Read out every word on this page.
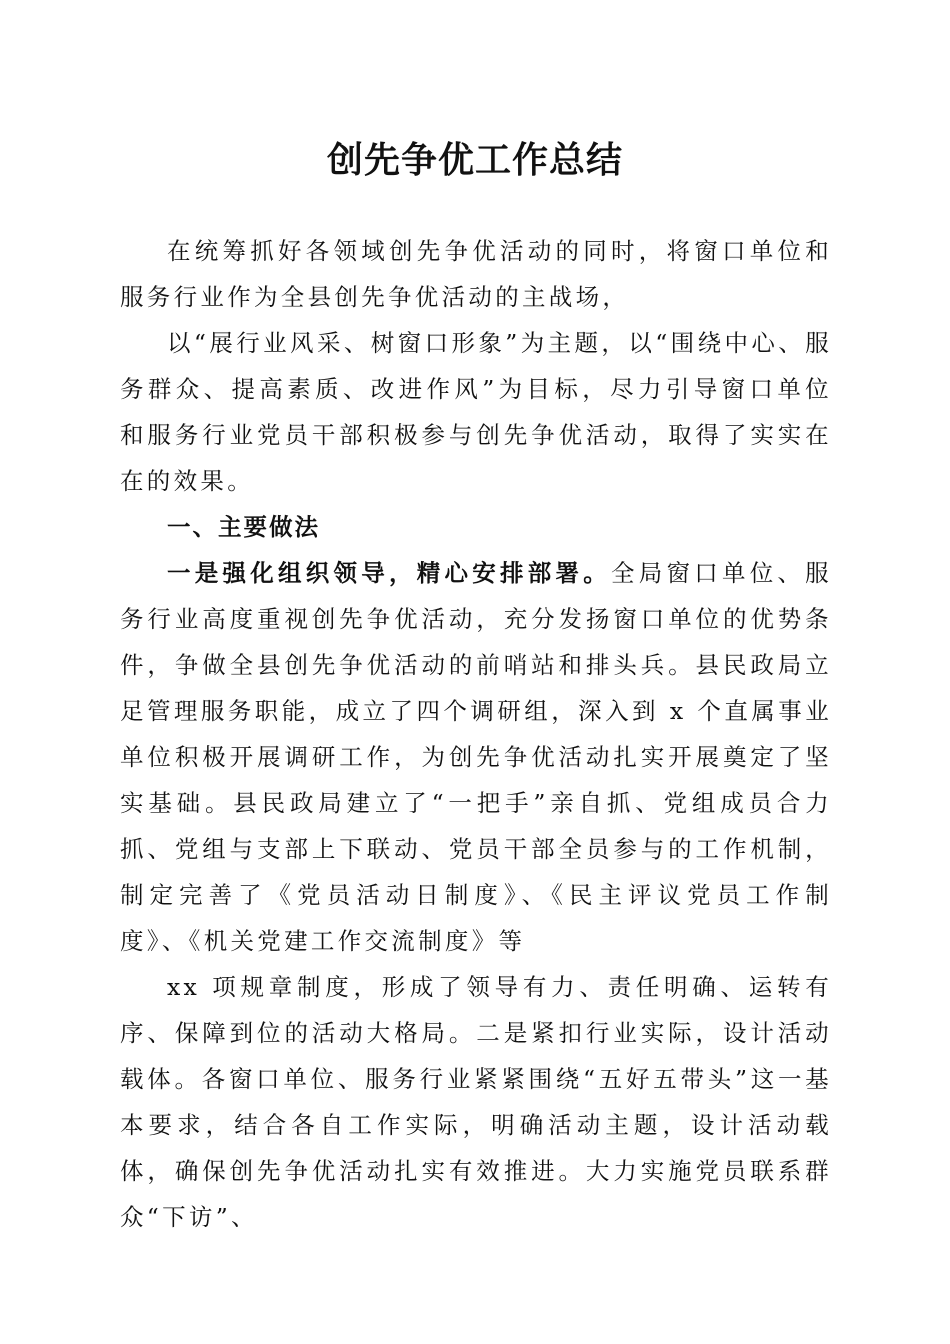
创先争优工作总结

在统筹抓好各领域创先争优活动的同时，将窗口单位和服务行业作为全县创先争优活动的主战场，

以“展行业风采、树窗口形象”为主题，以“围绕中心、服务群众、提高素质、改进作风”为目标，尽力引导窗口单位和服务行业党员干部积极参与创先争优活动，取得了实实在在的效果。

一、主要做法

一是强化组织领导，精心安排部署。全局窗口单位、服务行业高度重视创先争优活动，充分发扬窗口单位的优势条件，争做全县创先争优活动的前哨站和排头兵。县民政局立足管理服务职能，成立了四个调研组，深入到 x 个直属事业单位积极开展调研工作，为创先争优活动扎实开展奠定了坚实基础。县民政局建立了“一把手”亲自抓、党组成员合力抓、党组与支部上下联动、党员干部全员参与的工作机制，制定完善了《党员活动日制度》、《民主评议党员工作制度》、《机关党建工作交流制度》等

xx 项规章制度，形成了领导有力、责任明确、运转有序、保障到位的活动大格局。二是紧扣行业实际，设计活动载体。各窗口单位、服务行业紧紧围绕“五好五带头”这一基本要求，结合各自工作实际，明确活动主题，设计活动载体，确保创先争优活动扎实有效推进。大力实施党员联系群众“下访”、
